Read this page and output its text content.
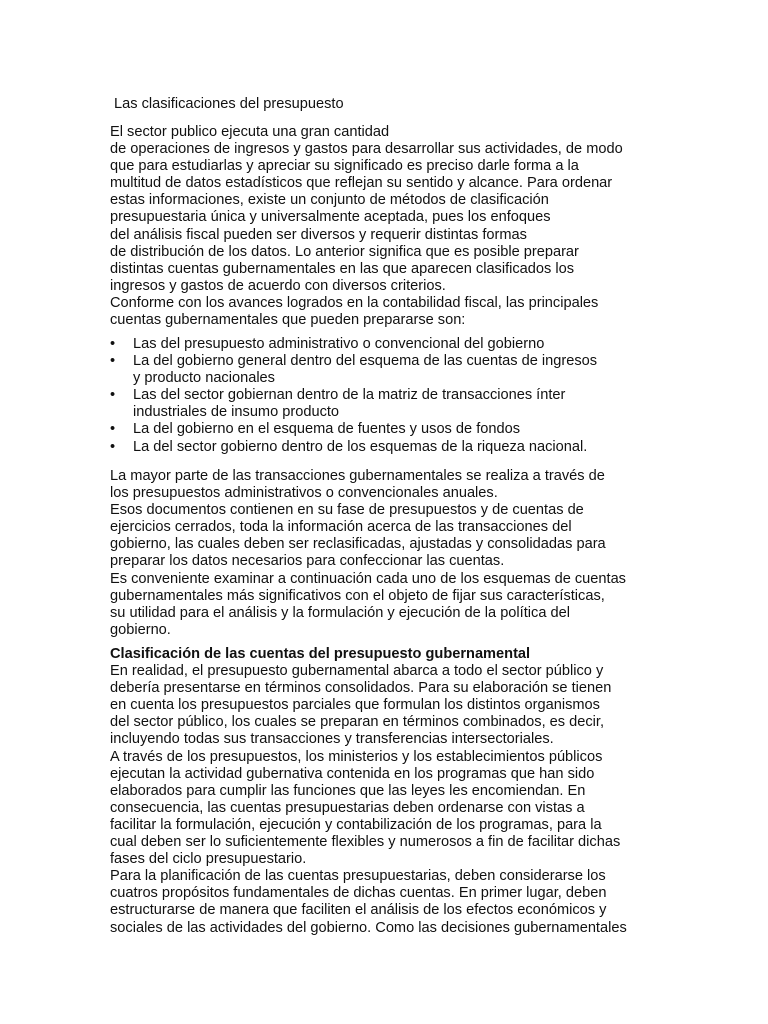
Las clasificaciones del presupuesto
El sector publico ejecuta una gran cantidad
de operaciones de ingresos y gastos para desarrollar sus actividades, de modo
que para estudiarlas y apreciar su significado es preciso darle forma a la
multitud de datos estadísticos que reflejan su sentido y alcance. Para ordenar
estas informaciones, existe un conjunto de métodos de clasificación
presupuestaria única y universalmente aceptada, pues los enfoques
del análisis fiscal pueden ser diversos y requerir distintas formas
de distribución de los datos. Lo anterior significa que es posible preparar
distintas cuentas gubernamentales en las que aparecen clasificados los
ingresos y gastos de acuerdo con diversos criterios.
Conforme con los avances logrados en la contabilidad fiscal, las principales
cuentas gubernamentales que pueden prepararse son:
•	Las del presupuesto administrativo o convencional del gobierno
•	La del gobierno general dentro del esquema de las cuentas de ingresos
y producto nacionales
•	Las del sector gobiernan dentro de la matriz de transacciones ínter
industriales de insumo producto
•	La del gobierno en el esquema de fuentes y usos de fondos
•	La del sector gobierno dentro de los esquemas de la riqueza nacional.
La mayor parte de las transacciones gubernamentales se realiza a través de
los presupuestos administrativos o convencionales anuales.
Esos documentos contienen en su fase de presupuestos y de cuentas de
ejercicios cerrados, toda la información acerca de las transacciones del
gobierno, las cuales deben ser reclasificadas, ajustadas y consolidadas para
preparar los datos necesarios para confeccionar las cuentas.
Es conveniente examinar a continuación cada uno de los esquemas de cuentas
gubernamentales más significativos con el objeto de fijar sus características,
su utilidad para el análisis y la formulación y ejecución de la política del
gobierno.
Clasificación de las cuentas del presupuesto gubernamental
En realidad, el presupuesto gubernamental abarca a todo el sector público y
debería presentarse en términos consolidados. Para su elaboración se tienen
en cuenta los presupuestos parciales que formulan los distintos organismos
del sector público, los cuales se preparan en términos combinados, es decir,
incluyendo todas sus transacciones y transferencias intersectoriales.
A través de los presupuestos, los ministerios y los establecimientos públicos
ejecutan la actividad gubernativa contenida en los programas que han sido
elaborados para cumplir las funciones que las leyes les encomiendan. En
consecuencia, las cuentas presupuestarias deben ordenarse con vistas a
facilitar la formulación, ejecución y contabilización de los programas, para la
cual deben ser lo suficientemente flexibles y numerosos a fin de facilitar dichas
fases del ciclo presupuestario.
Para la planificación de las cuentas presupuestarias, deben considerarse los
cuatros propósitos fundamentales de dichas cuentas. En primer lugar, deben
estructurarse de manera que faciliten el análisis de los efectos económicos y
sociales de las actividades del gobierno. Como las decisiones gubernamentales
